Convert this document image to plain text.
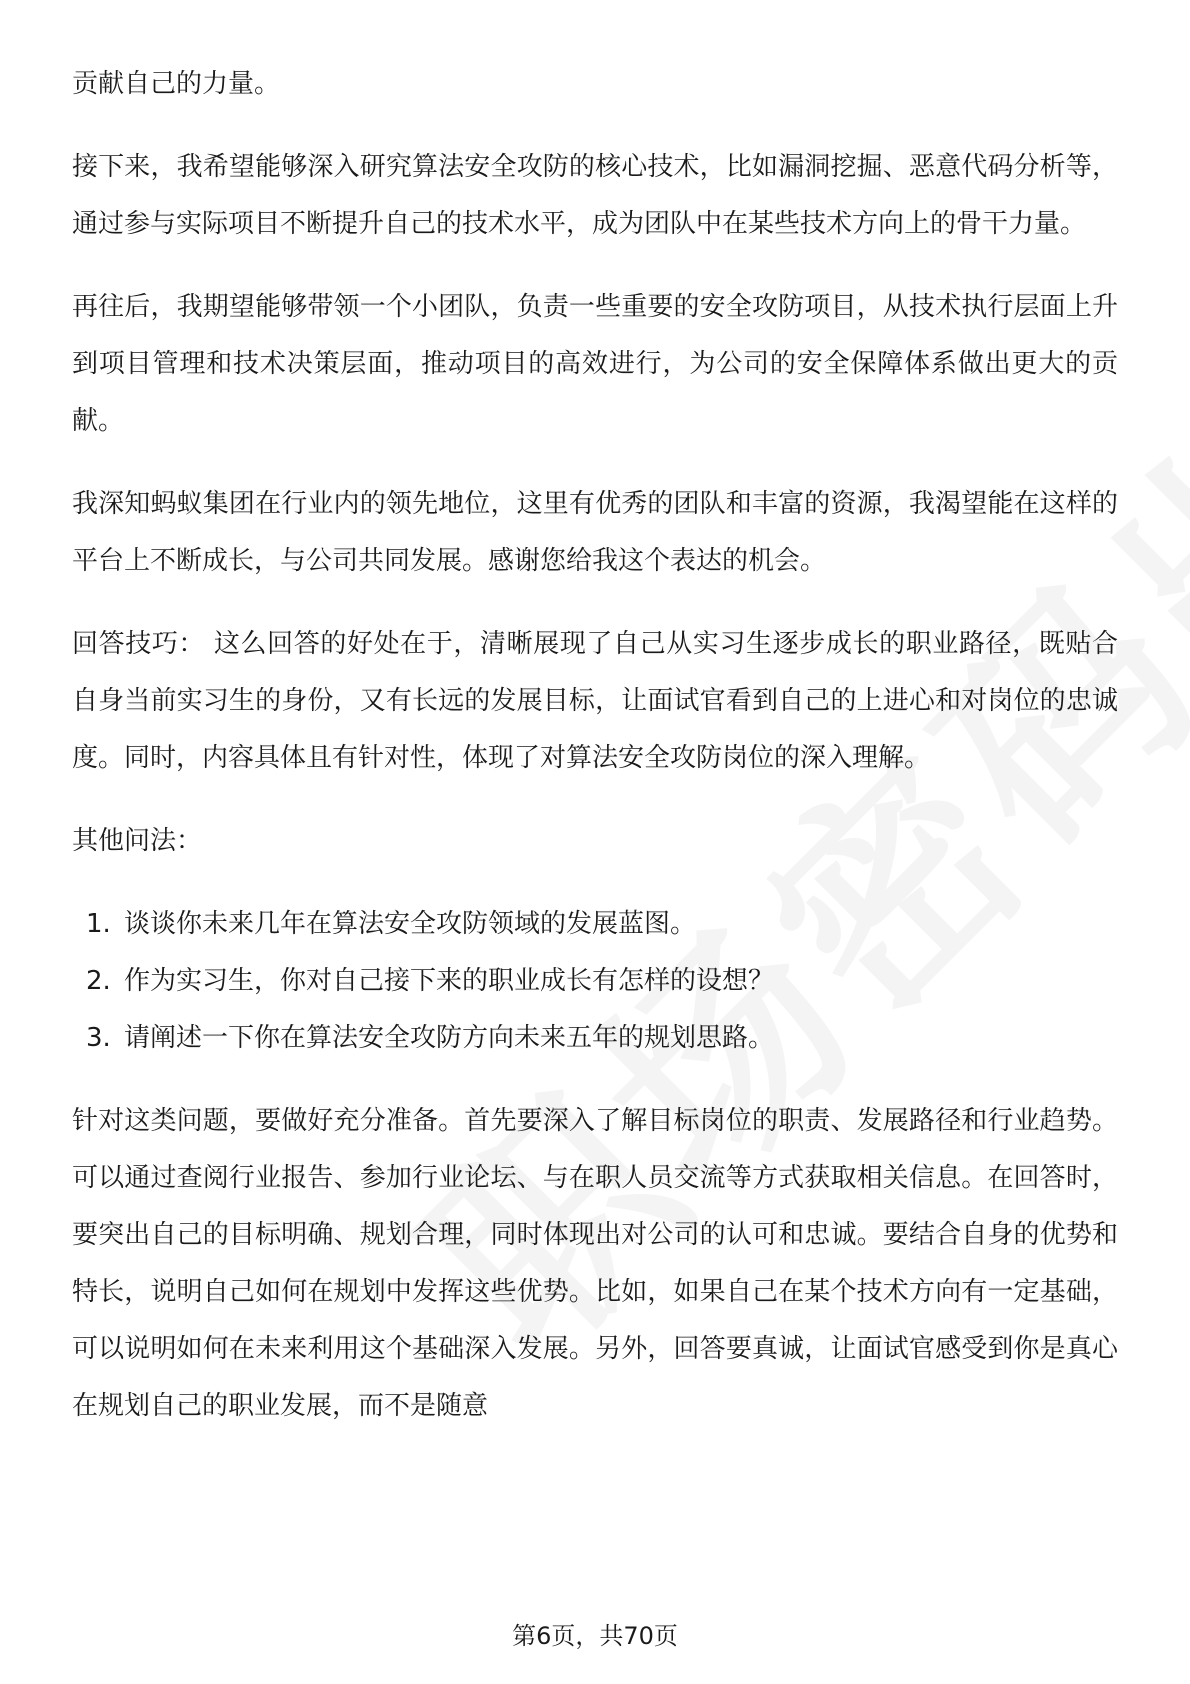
贡献自己的力量。

接下来，我希望能够深入研究算法安全攻防的核心技术，比如漏洞挖掘、恶意代码分析等，通过参与实际项目不断提升自己的技术水平，成为团队中在某些技术方向上的骨干力量。

再往后，我期望能够带领一个小团队，负责一些重要的安全攻防项目，从技术执行层面上升到项目管理和技术决策层面，推动项目的高效进行，为公司的安全保障体系做出更大的贡献。

我深知蚂蚁集团在行业内的领先地位，这里有优秀的团队和丰富的资源，我渴望能在这样的平台上不断成长，与公司共同发展。感谢您给我这个表达的机会。

回答技巧： 这么回答的好处在于，清晰展现了自己从实习生逐步成长的职业路径，既贴合自身当前实习生的身份，又有长远的发展目标，让面试官看到自己的上进心和对岗位的忠诚度。同时，内容具体且有针对性，体现了对算法安全攻防岗位的深入理解。

其他问法：

1. 谈谈你未来几年在算法安全攻防领域的发展蓝图。
2. 作为实习生，你对自己接下来的职业成长有怎样的设想？
3. 请阐述一下你在算法安全攻防方向未来五年的规划思路。

针对这类问题，要做好充分准备。首先要深入了解目标岗位的职责、发展路径和行业趋势。可以通过查阅行业报告、参加行业论坛、与在职人员交流等方式获取相关信息。在回答时，要突出自己的目标明确、规划合理，同时体现出对公司的认可和忠诚。要结合自身的优势和特长，说明自己如何在规划中发挥这些优势。比如，如果自己在某个技术方向有一定基础，可以说明如何在未来利用这个基础深入发展。另外，回答要真诚，让面试官感受到你是真心在规划自己的职业发展，而不是随意

第6页，共70页
